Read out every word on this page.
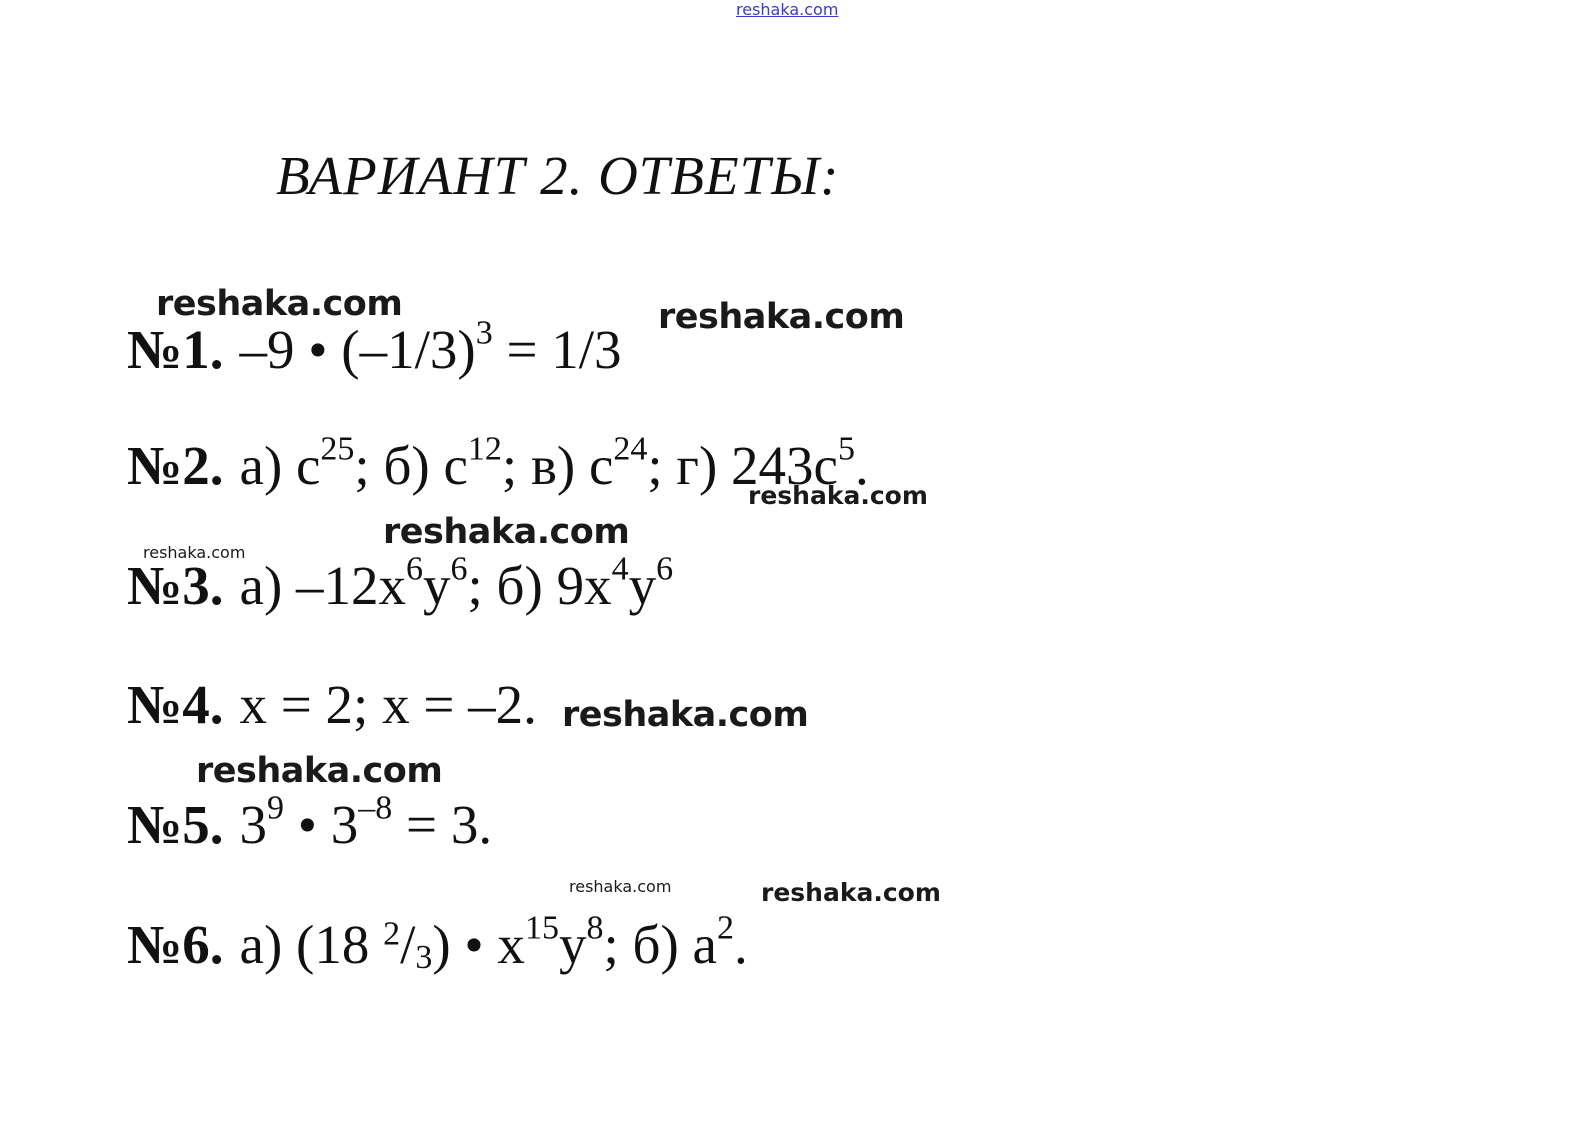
reshaka.com
reshaka.com	reshaka.com
reshaka.com
reshaka.com
reshaka.com
reshaka.com
reshaka.com
reshaka.com	reshaka.com
ВАРИАНТ 2. ОТВЕТЫ:
№1. –9 • $(-1/3)^3 = 1/3$
№2. а) $с^{25}$; б) $с^{12}$; в) $с^{24}$; г) $243с^5$.
№3. а) $-12x^6y^6$; б) $9x^4y^6$
№4. x = 2; x = –2.
№5. $3^9$ • $3^{-8} = 3$.
№6. а) (18 $^2/_3$) • $x^{15}y^8$; б) $a^2$.
